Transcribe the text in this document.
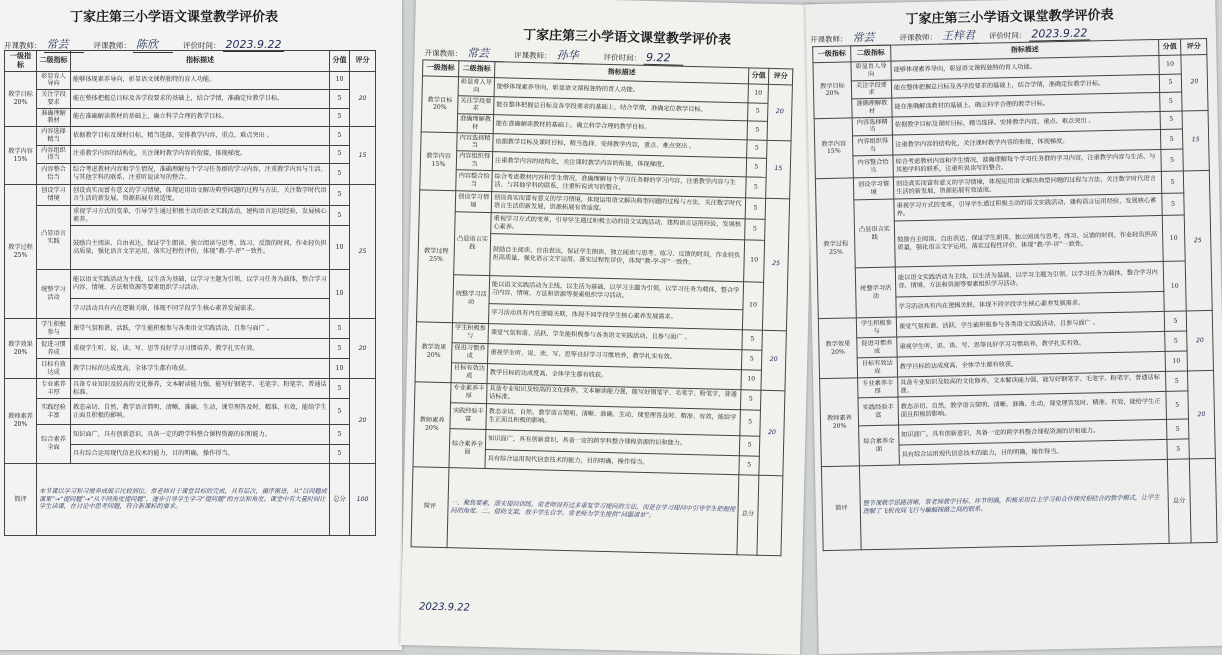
丁家庄第三小学语文课堂教学评价表
开课教师： 常芸	评课教师： 陈欣	评价时间： 2023.9.22
一级指标	二级指标	指标描述	分值	评分
教学目标20%	彰显育人导向	能够体现素养导向，彰显语文课程独特的育人功能。	10	20
	关注学段要求	能在整体把握总目标及各学段要求的基础上，结合学情，准确定位教学目标。	5	
	准确理解教材	能在准确解读教材的基础上，确立科学合理的教学目标。	5	
教学内容15%	内容选择精当	依据教学目标及课时目标，精当选择、安排教学内容，重点、难点突出 。	5	15
	内容组织得当	注重教学内容的结构化，关注课时教学内容的衔接，体现梯度。	5	
	内容整合恰当	综合考虑教材内容和学生情况，准确理解每个学习任务群的学习内容，注重教学内容与生活、与其他学科的联系，注重听说读写的整合。	5	
教学过程25%	创设学习情境	创设真实而富有意义的学习情境，体现运用语文解决典型问题的过程与方法，关注数字时代语言生活的新发展，资源拓展有效适度。	5	25
	凸显语言实践	重视学习方式的变革，引导学生通过积极主动的语文实践活动，建构语言运用经验，发展核心素养。	5	
		鼓励自主阅读、自由表达，保证学生朗读、独立阅读与思考、练习、反馈的时间，作业轻负担高质量，强化语言文字运用，落实过程性评价，体现“教-学-评”一致性。	10	
	统整学习活动	能以语文实践活动为主线，以生活为基础，以学习主题为引领，以学习任务为载体，整合学习内容、情境、方法和资源等要素组织学习活动。	10	
		学习活动具有内在逻辑关联，体现不同学段学生核心素养发展需求。		
教学效果20%	学生积极参与	课堂气氛和谐、活跃，学生能积极参与各类语文实践活动，且参与面广 。	5	20
	促进习惯养成	重视学生听、说、读、写、思等良好学习习惯培养，教学扎实有效。	5	
	目标有效达成	教学目标的达成度高，全体学生都有收获。	10	
教师素养20%	专业素养丰厚	具备专业知识及较高的文化修养，文本解读能力强，能写好钢笔字、毛笔字、粉笔字，普通话标准。	5	20
	实践经验丰富	教态亲切、自然，教学语言简明、清晰、准确、生动，课堂理答及时、精准、有效，能给学生正面且积极的影响。	5	
	综合素养全面	知识面广，具有创新意识，具备一定的跨学科整合课程资源的识和能力。	5	
		具有综合运用现代信息技术的能力，目的明确，操作得当。	5	
简评	本节课以学习和习惯养成展示比较到位。常老师对于课堂目标的完成，具有层次，循序渐进，从“以问题成课果”→“提问题”→“从不同角度提问题”，逐步引导学生学习“提问题”的方法和角度。课堂中有大量时间让学生读课，在讨论中思考问题，符合新课标的要求。		总分	100
丁家庄第三小学语文课堂教学评价表
开课教师： 常芸	评课教师： 孙华	评价时间： 9.22
一级指标	二级指标	指标描述	分值	评分
教学目标20%	彰显育人导向	能够体现素养导向，彰显语文课程独特的育人功能。	10	20
	关注学段要求	能在整体把握总目标及各学段要求的基础上，结合学情，准确定位教学目标。	5	
	准确理解教材	能在准确解读教材的基础上，确立科学合理的教学目标。	5	
教学内容15%	内容选择精当	依据教学目标及课时目标，精当选择、安排教学内容，重点、难点突出 。	5	15
	内容组织得当	注重教学内容的结构化，关注课时教学内容的衔接，体现梯度。	5	
	内容整合恰当	综合考虑教材内容和学生情况，准确理解每个学习任务群的学习内容，注重教学内容与生活、与其他学科的联系，注重听说读写的整合。	5	
教学过程25%	创设学习情境	创设真实而富有意义的学习情境，体现运用语文解决典型问题的过程与方法，关注数字时代语言生活的新发展，资源拓展有效适度。	5	25
	凸显语言实践	重视学习方式的变革，引导学生通过积极主动的语文实践活动，建构语言运用经验，发展核心素养。	5	
		鼓励自主阅读、自由表达，保证学生朗读、独立阅读与思考、练习、反馈的时间，作业轻负担高质量，强化语言文字运用，落实过程性评价，体现“教-学-评”一致性。	10	
	统整学习活动	能以语文实践活动为主线，以生活为基础，以学习主题为引领，以学习任务为载体，整合学习内容、情境、方法和资源等要素组织学习活动。	10	
		学习活动具有内在逻辑关联，体现不同学段学生核心素养发展需求。		
教学效果20%	学生积极参与	课堂气氛和谐、活跃，学生能积极参与各类语文实践活动，且参与面广 。	5	20
	促进习惯养成	重视学生听、说、读、写、思等良好学习习惯培养，教学扎实有效。	5	
	目标有效达成	教学目标的达成度高，全体学生都有收获。	10	
教师素养20%	专业素养丰厚	具备专业知识及较高的文化修养，文本解读能力强，能写好钢笔字、毛笔字、粉笔字，普通话标准。	5	20
	实践经验丰富	教态亲切、自然，教学语言简明、清晰、准确、生动，课堂理答及时、精准、有效，能给学生正面且积极的影响。	5	
	综合素养全面	知识面广，具有创新意识，具备一定的跨学科整合课程资源的识和能力。	5	
		具有综合运用现代信息技术的能力，目的明确，操作得当。	5	
简评	一、聚焦要素，落实提问训练。常老师设有过多重复学习提问的方法，而是在学习提问中引导学生把握提问的角度。二、借助支架，放手学生自学。常老师为学生提供“问题清单”。		总分	
2023.9.22
丁家庄第三小学语文课堂教学评价表
开课教师： 常芸	评课教师： 王梓君 评价时间： 2023.9.22
一级指标	二级指标	指标描述	分值	评分
教学目标20%	彰显育人导向	能够体现素养导向，彰显语文课程独特的育人功能。	10	20
	关注学段要求	能在整体把握总目标及各学段要求的基础上，结合学情，准确定位教学目标。	5	
	准确理解教材	能在准确解读教材的基础上，确立科学合理的教学目标。	5	
教学内容15%	内容选择精当	依据教学目标及课时目标，精当选择、安排教学内容，重点、难点突出 。	5	15
	内容组织得当	注重教学内容的结构化，关注课时教学内容的衔接，体现梯度。	5	
	内容整合恰当	综合考虑教材内容和学生情况，准确理解每个学习任务群的学习内容，注重教学内容与生活、与其他学科的联系，注重听说读写的整合。	5	
教学过程25%	创设学习情境	创设真实而富有意义的学习情境，体现运用语文解决典型问题的过程与方法，关注数字时代语言生活的新发展，资源拓展有效适度。	5	25
	凸显语言实践	重视学习方式的变革，引导学生通过积极主动的语文实践活动，建构语言运用经验，发展核心素养。	5	
		鼓励自主阅读、自由表达，保证学生朗读、独立阅读与思考、练习、反馈的时间，作业轻负担高质量，强化语言文字运用，落实过程性评价，体现“教-学-评”一致性。	10	
	统整学习活动	能以语文实践活动为主线，以生活为基础，以学习主题为引领，以学习任务为载体，整合学习内容、情境、方法和资源等要素组织学习活动。	10	
		学习活动具有内在逻辑关联，体现不同学段学生核心素养发展需求。		
教学效果20%	学生积极参与	课堂气氛和谐、活跃，学生能积极参与各类语文实践活动，且参与面广 。	5	20
	促进习惯养成	重视学生听、说、读、写、思等良好学习习惯培养，教学扎实有效。	5	
	目标有效达成	教学目标的达成度高，全体学生都有收获。	10	
教师素养20%	专业素养丰厚	具备专业知识及较高的文化修养，文本解读能力强，能写好钢笔字、毛笔字、粉笔字，普通话标准。	5	20
	实践经验丰富	教态亲切、自然，教学语言简明、清晰、准确、生动，课堂理答及时、精准、有效，能给学生正面且积极的影响。	5	
	综合素养全面	知识面广，具有创新意识，具备一定的跨学科整合课程资源的识和能力。	5	
		具有综合运用现代信息技术的能力，目的明确，操作得当。	5	
简评	整节课教学思路清晰，常老师教学目标、环节明确，积极采用自主学习和合作探究相结合的教学模式，让学生理解了飞机夜间飞行与蝙蝠探路之间的联系。		总分	
